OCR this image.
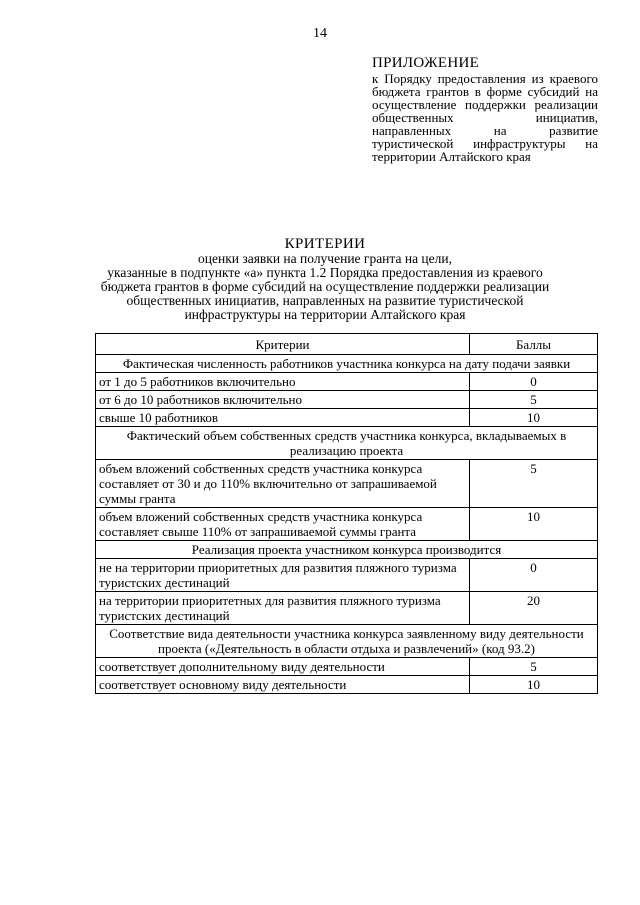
14
ПРИЛОЖЕНИЕ
к Порядку предоставления из краевого бюджета грантов в форме субсидий на осуществление поддержки реализации общественных инициатив, направленных на развитие туристической инфраструктуры на территории Алтайского края
КРИТЕРИИ
оценки заявки на получение гранта на цели,
указанные в подпункте «а» пункта 1.2 Порядка предоставления из краевого
бюджета грантов в форме субсидий на осуществление поддержки реализации
общественных инициатив, направленных на развитие туристической
инфраструктуры на территории Алтайского края
Критерии	Баллы
Фактическая численность работников участника конкурса на дату подачи заявки	
от 1 до 5 работников включительно	0
от 6 до 10 работников включительно	5
свыше 10 работников	10
Фактический объем собственных средств участника конкурса, вкладываемых в реализацию проекта	
объем вложений собственных средств участника конкурса составляет от 30 и до 110% включительно от запрашиваемой суммы гранта	5
объем вложений собственных средств участника конкурса составляет свыше 110% от запрашиваемой суммы гранта	10
Реализация проекта участником конкурса производится	
не на территории приоритетных для развития пляжного туризма туристских дестинаций	0
на территории приоритетных для развития пляжного туризма туристских дестинаций	20
Соответствие вида деятельности участника конкурса заявленному виду деятельности проекта («Деятельность в области отдыха и развлечений» (код 93.2)	
соответствует дополнительному виду деятельности	5
соответствует основному виду деятельности	10
